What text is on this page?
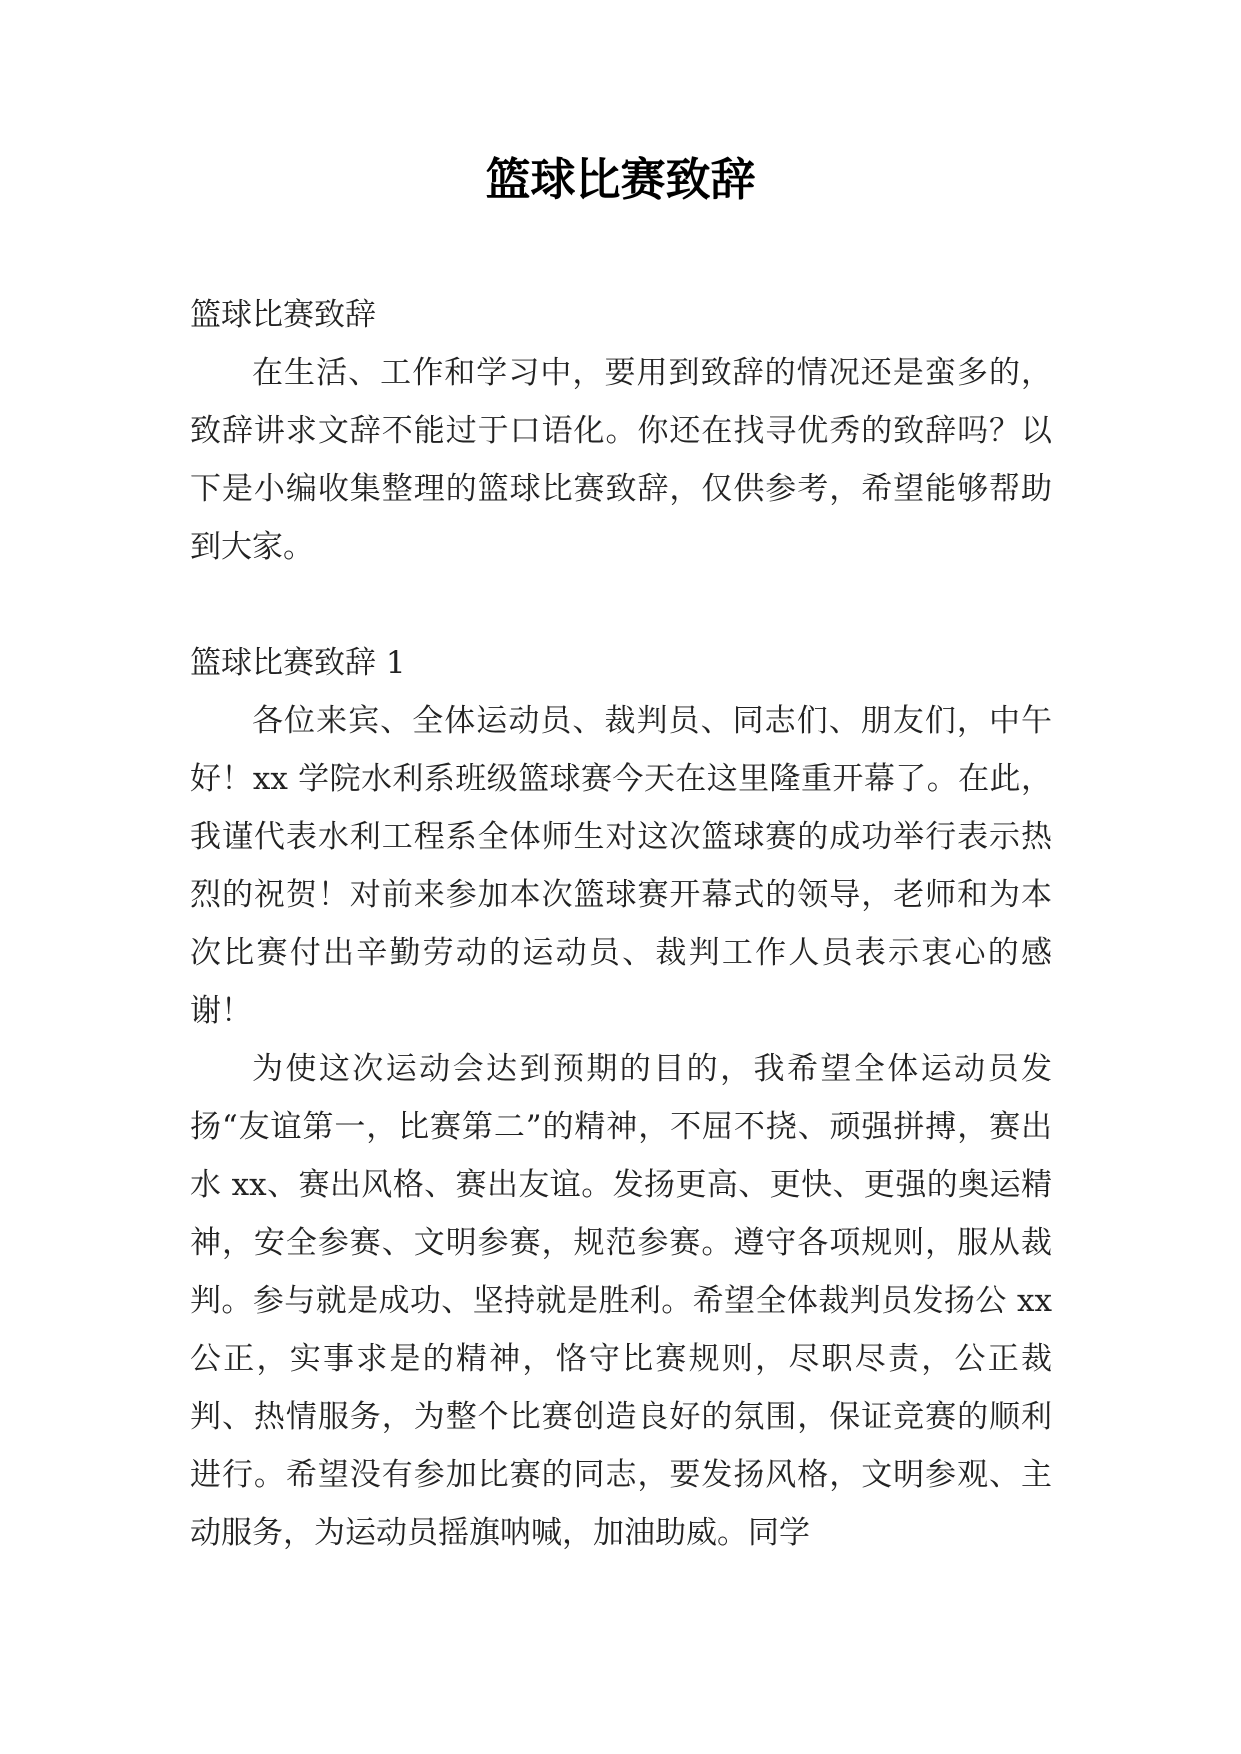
篮球比赛致辞

篮球比赛致辞

在生活、工作和学习中，要用到致辞的情况还是蛮多的，致辞讲求文辞不能过于口语化。你还在找寻优秀的致辞吗？以下是小编收集整理的篮球比赛致辞，仅供参考，希望能够帮助到大家。

篮球比赛致辞 1

各位来宾、全体运动员、裁判员、同志们、朋友们，中午好！xx 学院水利系班级篮球赛今天在这里隆重开幕了。在此，我谨代表水利工程系全体师生对这次篮球赛的成功举行表示热烈的祝贺！对前来参加本次篮球赛开幕式的领导，老师和为本次比赛付出辛勤劳动的运动员、裁判工作人员表示衷心的感谢！

为使这次运动会达到预期的目的，我希望全体运动员发扬“友谊第一，比赛第二”的精神，不屈不挠、顽强拼搏，赛出水 xx、赛出风格、赛出友谊。发扬更高、更快、更强的奥运精神，安全参赛、文明参赛，规范参赛。遵守各项规则，服从裁判。参与就是成功、坚持就是胜利。希望全体裁判员发扬公 xx 公正，实事求是的精神，恪守比赛规则，尽职尽责，公正裁判、热情服务，为整个比赛创造良好的氛围，保证竞赛的顺利进行。希望没有参加比赛的同志，要发扬风格，文明参观、主动服务，为运动员摇旗呐喊，加油助威。同学
